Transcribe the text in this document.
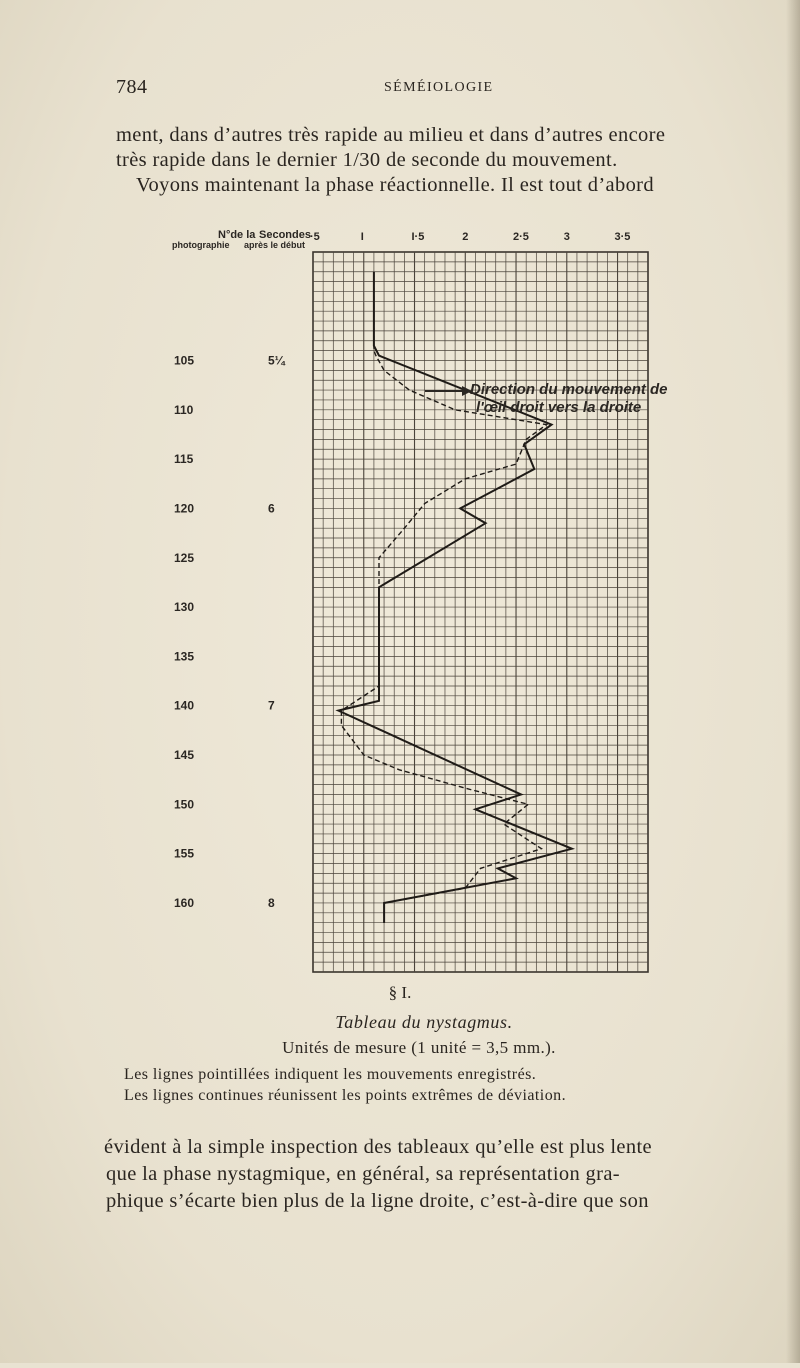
784	SÉMÉIOLOGIE
ment, dans d’autres très rapide au milieu et dans d’autres encore
très rapide dans le dernier 1/30 de seconde du mouvement.
Voyons maintenant la phase réactionnelle. Il est tout d’abord
N°de la
photographie
Secondes
après le début
·5	I	I·5	2	2·5	3	3·5
105
110
115
120
125
130
135
140
145
150
155
160
5¼
6
7
8
Direction du mouvement de
l'œil droit vers la droite
§ I.
Tableau du nystagmus.
Unités de mesure (1 unité = 3,5 mm.).
Les lignes pointillées indiquent les mouvements enregistrés.
Les lignes continues réunissent les points extrêmes de déviation.
évident à la simple inspection des tableaux qu’elle est plus lente
que la phase nystagmique, en général, sa représentation gra-
phique s’écarte bien plus de la ligne droite, c’est-à-dire que son
